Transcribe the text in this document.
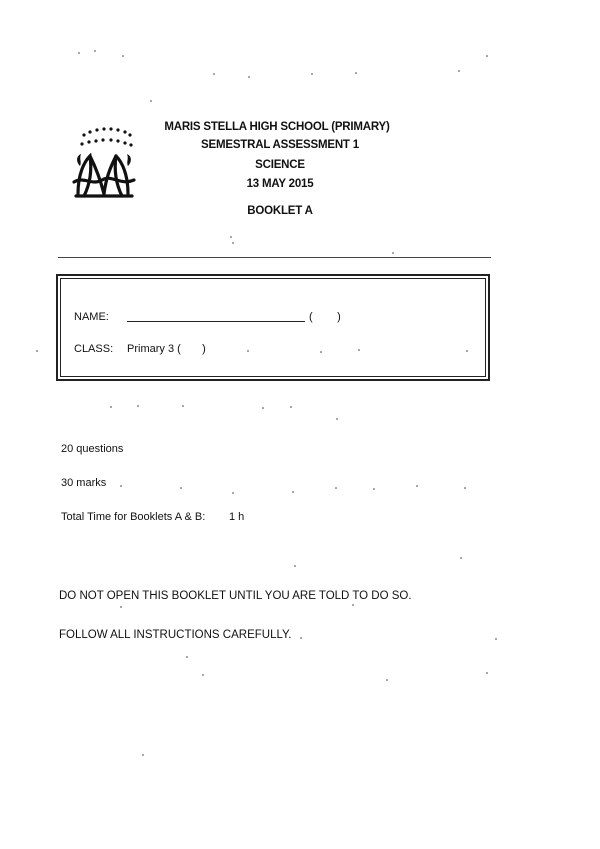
MARIS STELLA HIGH SCHOOL (PRIMARY)
SEMESTRAL ASSESSMENT 1
SCIENCE
13 MAY 2015
BOOKLET A
NAME:	(        )
CLASS: Primary 3 (       )
20 questions
30 marks
Total Time for Booklets A & B: 1 h
DO NOT OPEN THIS BOOKLET UNTIL YOU ARE TOLD TO DO SO.
FOLLOW ALL INSTRUCTIONS CAREFULLY.
